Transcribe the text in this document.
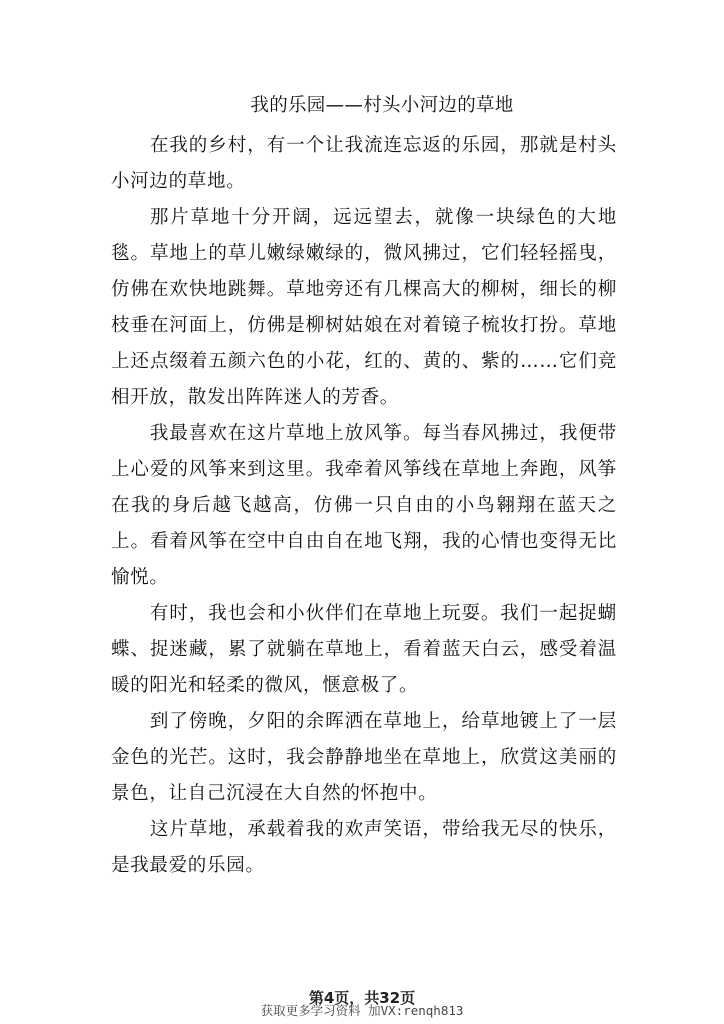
我的乐园——村头小河边的草地

在我的乡村，有一个让我流连忘返的乐园，那就是村头小河边的草地。

那片草地十分开阔，远远望去，就像一块绿色的大地毯。草地上的草儿嫩绿嫩绿的，微风拂过，它们轻轻摇曳，仿佛在欢快地跳舞。草地旁还有几棵高大的柳树，细长的柳枝垂在河面上，仿佛是柳树姑娘在对着镜子梳妆打扮。草地上还点缀着五颜六色的小花，红的、黄的、紫的……它们竞相开放，散发出阵阵迷人的芳香。

我最喜欢在这片草地上放风筝。每当春风拂过，我便带上心爱的风筝来到这里。我牵着风筝线在草地上奔跑，风筝在我的身后越飞越高，仿佛一只自由的小鸟翱翔在蓝天之上。看着风筝在空中自由自在地飞翔，我的心情也变得无比愉悦。

有时，我也会和小伙伴们在草地上玩耍。我们一起捉蝴蝶、捉迷藏，累了就躺在草地上，看着蓝天白云，感受着温暖的阳光和轻柔的微风，惬意极了。

到了傍晚，夕阳的余晖洒在草地上，给草地镀上了一层金色的光芒。这时，我会静静地坐在草地上，欣赏这美丽的景色，让自己沉浸在大自然的怀抱中。

这片草地，承载着我的欢声笑语，带给我无尽的快乐，是我最爱的乐园。

第4页，共32页
获取更多学习资料 加VX:renqh813
